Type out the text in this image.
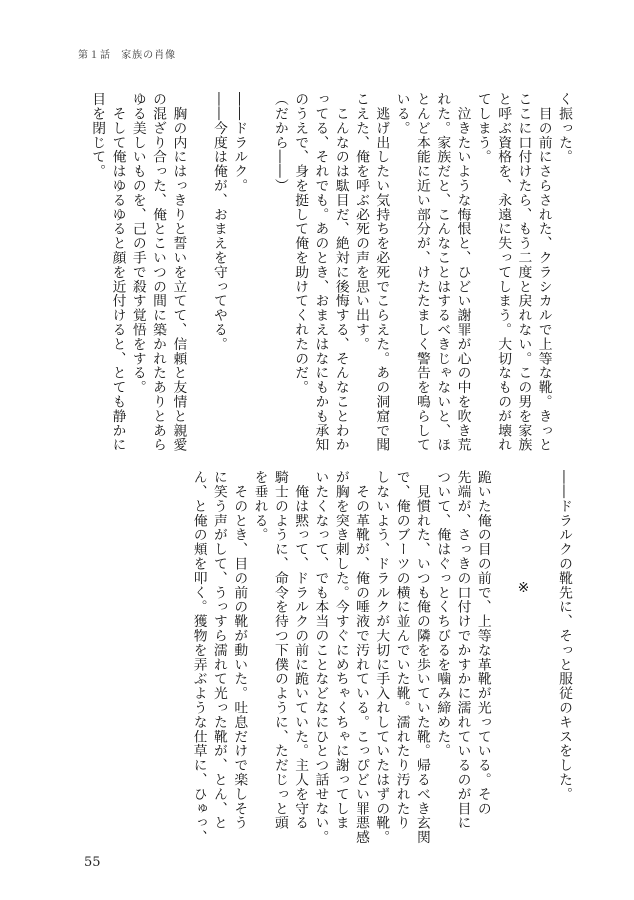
第１話 家族の肖像
く振った。
　目の前にさらされた、クラシカルで上等な靴。きっと
ここに口付けたら、もう二度と戻れない。この男を家族
と呼ぶ資格を、永遠に失ってしまう。大切なものが壊れ
てしまう。
　泣きたいような悔恨と、ひどい謝罪が心の中を吹き荒
れた。家族だと、こんなことはするべきじゃないと、ほ
とんど本能に近い部分が、けたたましく警告を鳴らして
いる。
　逃げ出したい気持ちを必死でこらえた。あの洞窟で聞
こえた、俺を呼ぶ必死の声を思い出す。
　こんなのは駄目だ、絶対に後悔する、そんなことわか
ってる、それでも。あのとき、おまえはなにもかも承知
のうえで、身を挺して俺を助けてくれたのだ。
（だから――）
――ドラルク。
――今度は俺が、おまえを守ってやる。
　胸の内にはっきりと誓いを立てて、信頼と友情と親愛
の混ざり合った、俺とこいつの間に築かれたありとあら
ゆる美しいものを、己の手で殺す覚悟をする。
　そして俺はゆるゆると顔を近付けると、とても静かに
目を閉じて。
――ドラルクの靴先に、そっと服従のキスをした。
※
跪いた俺の目の前で、上等な革靴が光っている。その
先端が、さっきの口付けでかすかに濡れているのが目に
ついて、俺はぐっとくちびるを噛み締めた。
　見慣れた、いつも俺の隣を歩いていた靴。帰るべき玄関
で、俺のブーツの横に並んでいた靴。濡れたり汚れたり
しないよう、ドラルクが大切に手入れしていたはずの靴。
　その革靴が、俺の唾液で汚れている。こっぴどい罪悪感
が胸を突き刺した。今すぐにめちゃくちゃに謝ってしま
いたくなって、でも本当のことなどなにひとつ話せない。
　俺は黙って、ドラルクの前に跪いていた。主人を守る
騎士のように、命令を待つ下僕のように、ただじっと頭
を垂れる。
　そのとき、目の前の靴が動いた。吐息だけで楽しそう
に笑う声がして、うっすら濡れて光った靴が、とん、と
ん、と俺の頬を叩く。獲物を弄ぶような仕草に、ひゅっ、
55
